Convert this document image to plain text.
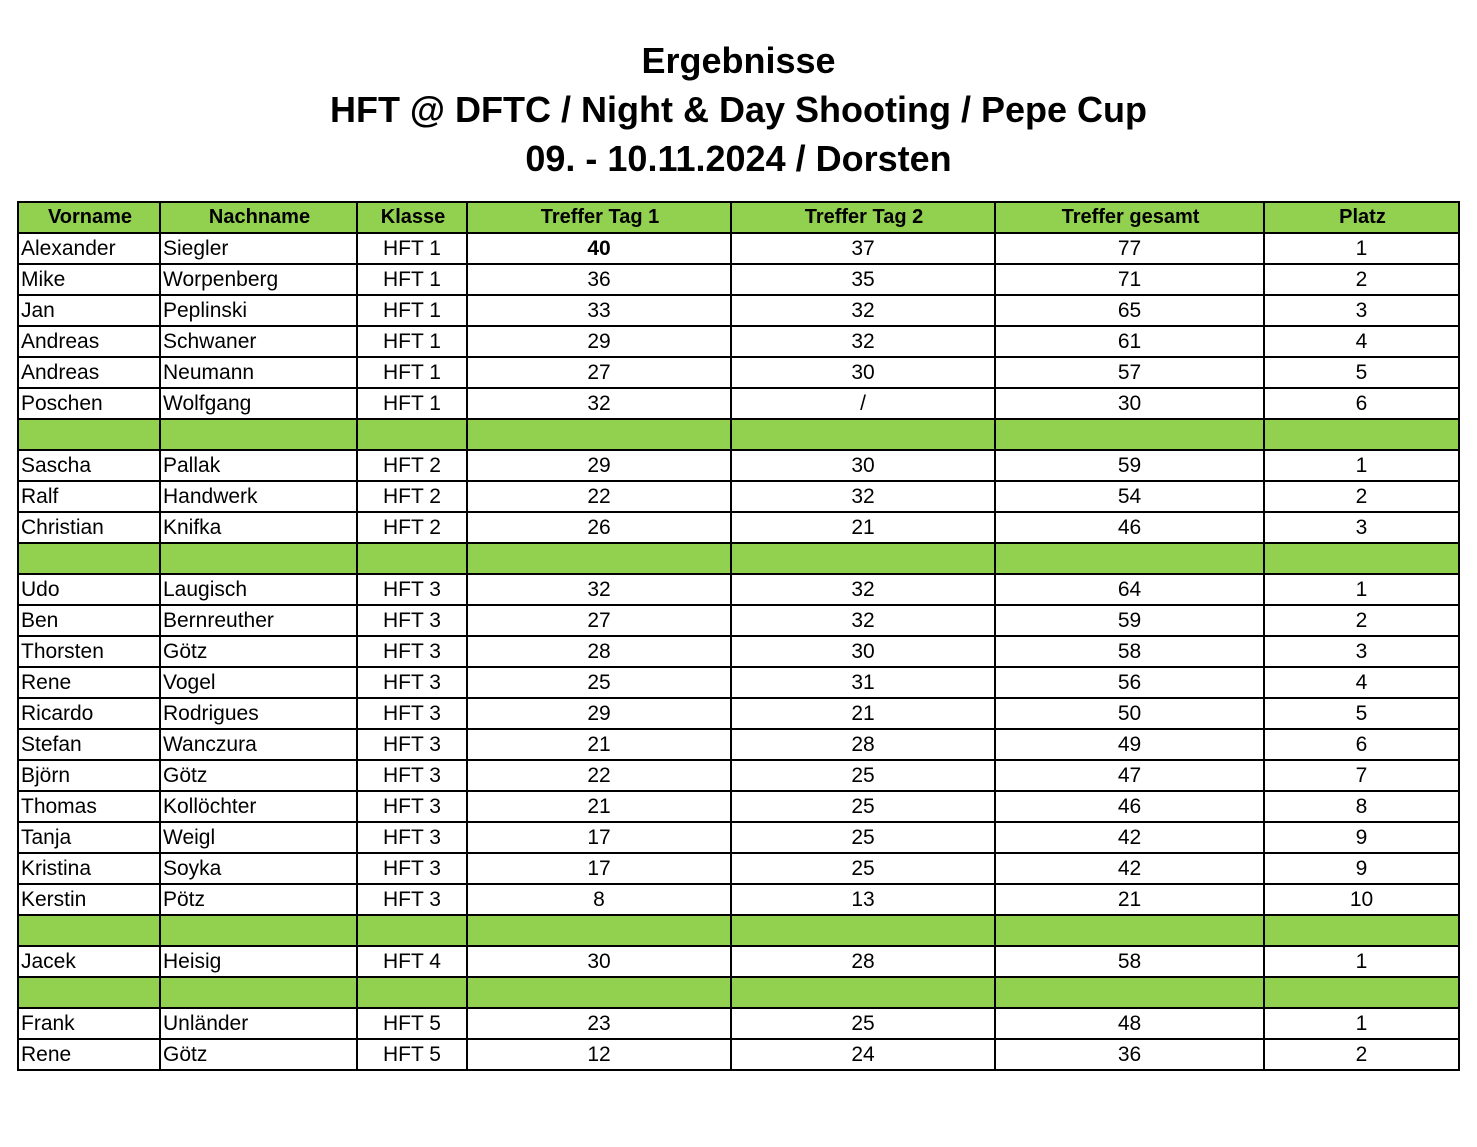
Ergebnisse
HFT @ DFTC / Night & Day Shooting / Pepe Cup
09. - 10.11.2024 / Dorsten
Vorname	Nachname	Klasse	Treffer Tag 1	Treffer Tag 2	Treffer gesamt	Platz
Alexander	Siegler	HFT 1	40	37	77	1
Mike	Worpenberg	HFT 1	36	35	71	2
Jan	Peplinski	HFT 1	33	32	65	3
Andreas	Schwaner	HFT 1	29	32	61	4
Andreas	Neumann	HFT 1	27	30	57	5
Poschen	Wolfgang	HFT 1	32	/	30	6

Sascha	Pallak	HFT 2	29	30	59	1
Ralf	Handwerk	HFT 2	22	32	54	2
Christian	Knifka	HFT 2	26	21	46	3

Udo	Laugisch	HFT 3	32	32	64	1
Ben	Bernreuther	HFT 3	27	32	59	2
Thorsten	Götz	HFT 3	28	30	58	3
Rene	Vogel	HFT 3	25	31	56	4
Ricardo	Rodrigues	HFT 3	29	21	50	5
Stefan	Wanczura	HFT 3	21	28	49	6
Björn	Götz	HFT 3	22	25	47	7
Thomas	Kollöchter	HFT 3	21	25	46	8
Tanja	Weigl	HFT 3	17	25	42	9
Kristina	Soyka	HFT 3	17	25	42	9
Kerstin	Pötz	HFT 3	8	13	21	10

Jacek	Heisig	HFT 4	30	28	58	1

Frank	Unländer	HFT 5	23	25	48	1
Rene	Götz	HFT 5	12	24	36	2
